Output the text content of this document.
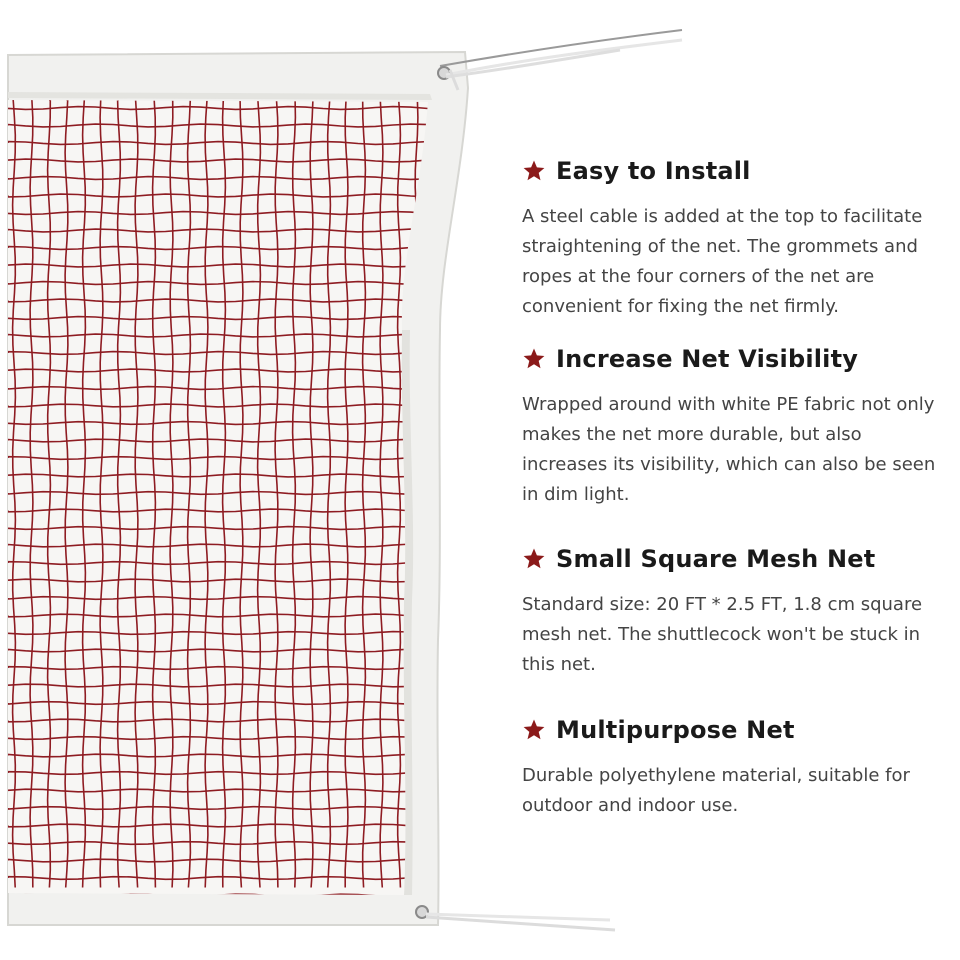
Easy to Install

A steel cable is added at the top to facilitate straightening of the net. The grommets and ropes at the four corners of the net are convenient for fixing the net firmly.

Increase Net Visibility

Wrapped around with white PE fabric not only makes the net more durable, but also increases its visibility, which can also be seen in dim light.

Small Square Mesh Net

Standard size: 20 FT * 2.5 FT, 1.8 cm square mesh net. The shuttlecock won't be stuck in this net.

Multipurpose Net

Durable polyethylene material, suitable for outdoor and indoor use.
